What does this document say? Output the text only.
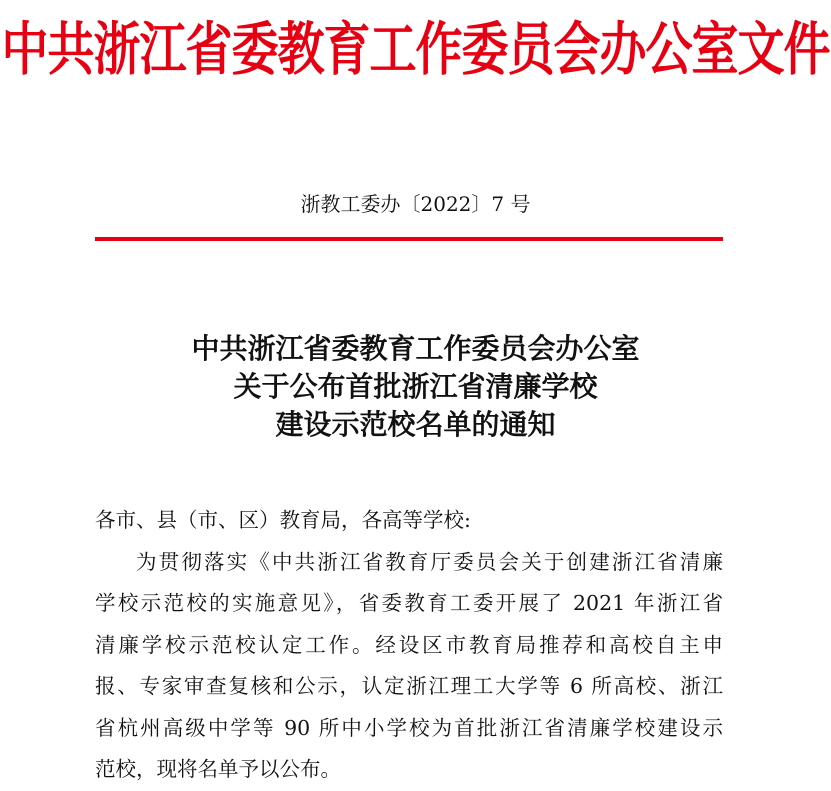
中共浙江省委教育工作委员会办公室文件
浙教工委办〔2022〕7 号
中共浙江省委教育工作委员会办公室
关于公布首批浙江省清廉学校
建设示范校名单的通知
各市、县（市、区）教育局，各高等学校:
为贯彻落实《中共浙江省教育厅委员会关于创建浙江省清廉
学校示范校的实施意见》，省委教育工委开展了 2021 年浙江省
清廉学校示范校认定工作。经设区市教育局推荐和高校自主申
报、专家审查复核和公示，认定浙江理工大学等 6 所高校、浙江
省杭州高级中学等 90 所中小学校为首批浙江省清廉学校建设示
范校，现将名单予以公布。
